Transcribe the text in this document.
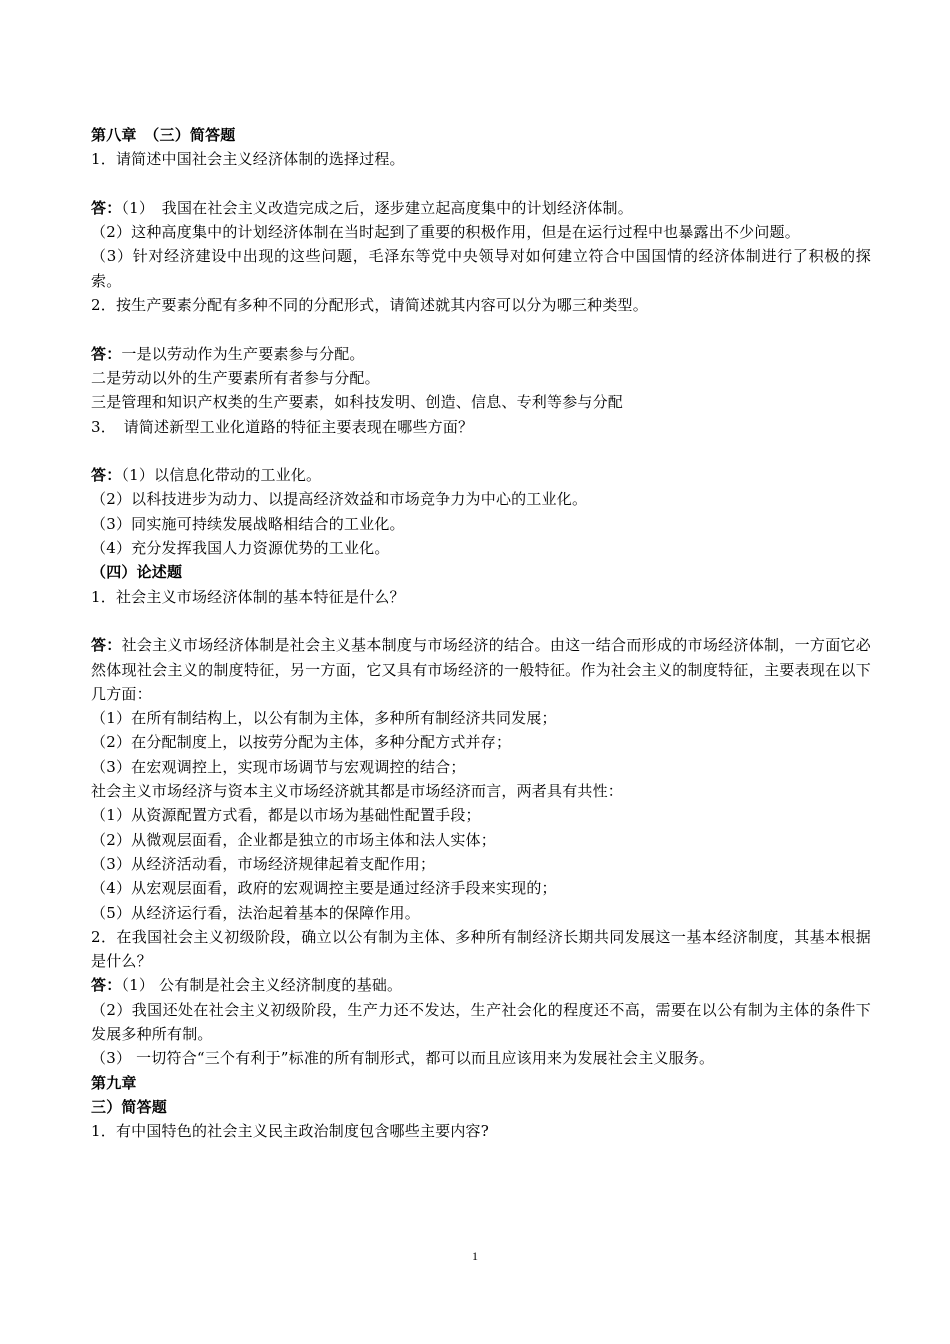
第八章　（三）简答题
1．请简述中国社会主义经济体制的选择过程。
答：（1）　我国在社会主义改造完成之后，逐步建立起高度集中的计划经济体制。
（2）这种高度集中的计划经济体制在当时起到了重要的积极作用，但是在运行过程中也暴露出不少问题。
（3）针对经济建设中出现的这些问题，毛泽东等党中央领导对如何建立符合中国国情的经济体制进行了积极的探索。
2．按生产要素分配有多种不同的分配形式，请简述就其内容可以分为哪三种类型。
答：一是以劳动作为生产要素参与分配。
二是劳动以外的生产要素所有者参与分配。
三是管理和知识产权类的生产要素，如科技发明、创造、信息、专利等参与分配
3．　请简述新型工业化道路的特征主要表现在哪些方面？
答：（1）以信息化带动的工业化。
（2）以科技进步为动力、以提高经济效益和市场竞争力为中心的工业化。
（3）同实施可持续发展战略相结合的工业化。
（4）充分发挥我国人力资源优势的工业化。
（四）论述题
1．社会主义市场经济体制的基本特征是什么？
答：社会主义市场经济体制是社会主义基本制度与市场经济的结合。由这一结合而形成的市场经济体制，一方面它必然体现社会主义的制度特征，另一方面，它又具有市场经济的一般特征。作为社会主义的制度特征，主要表现在以下几方面：
（1）在所有制结构上，以公有制为主体，多种所有制经济共同发展；
（2）在分配制度上，以按劳分配为主体，多种分配方式并存；
（3）在宏观调控上，实现市场调节与宏观调控的结合；
社会主义市场经济与资本主义市场经济就其都是市场经济而言，两者具有共性：
（1）从资源配置方式看，都是以市场为基础性配置手段；
（2）从微观层面看，企业都是独立的市场主体和法人实体；
（3）从经济活动看，市场经济规律起着支配作用；
（4）从宏观层面看，政府的宏观调控主要是通过经济手段来实现的；
（5）从经济运行看，法治起着基本的保障作用。
2．在我国社会主义初级阶段，确立以公有制为主体、多种所有制经济长期共同发展这一基本经济制度，其基本根据是什么？
答：（1） 公有制是社会主义经济制度的基础。
（2）我国还处在社会主义初级阶段，生产力还不发达，生产社会化的程度还不高，需要在以公有制为主体的条件下发展多种所有制。
（3） 一切符合“三个有利于”标准的所有制形式，都可以而且应该用来为发展社会主义服务。
第九章
三）简答题
1．有中国特色的社会主义民主政治制度包含哪些主要内容?
1
